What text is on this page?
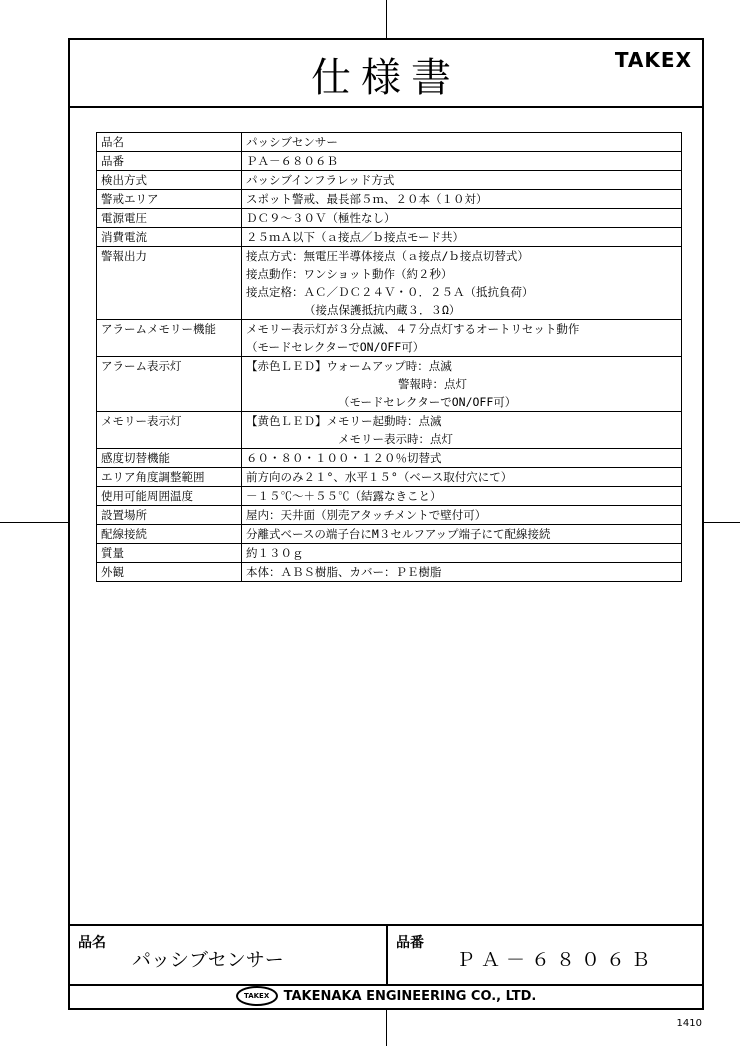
仕様書	TAKEX
品名	パッシブセンサー

品番	ＰＡ－６８０６Ｂ

検出方式	パッシブインフラレッド方式

警戒エリア	スポット警戒、最長部５ｍ、２０本（１０対）

電源電圧	ＤＣ９～３０Ｖ（極性なし）

消費電流	２５ｍＡ以下（ａ接点／ｂ接点モード共）

警報出力	接点方式：無電圧半導体接点（ａ接点/ｂ接点切替式）
接点動作：ワンショット動作（約２秒）
接点定格：ＡＣ／ＤＣ２４Ｖ・０．２５Ａ（抵抗負荷）
（接点保護抵抗内蔵３．３Ω）

アラームメモリー機能	メモリー表示灯が３分点滅、４７分点灯するオートリセット動作
（モードセレクターでON/OFF可）

アラーム表示灯	【赤色ＬＥＤ】ウォームアップ時：点滅
警報時：点灯
（モードセレクターでON/OFF可）

メモリー表示灯	【黄色ＬＥＤ】メモリー起動時：点滅
メモリー表示時：点灯

感度切替機能	６０・８０・１００・１２０％切替式

エリア角度調整範囲	前方向のみ２１°、水平１５°（ベース取付穴にて）

使用可能周囲温度	－１５℃～＋５５℃（結露なきこと）

設置場所	屋内：天井面（別売アタッチメントで壁付可）

配線接続	分離式ベースの端子台にM３セルフアップ端子にて配線接続

質量	約１３０ｇ

外観	本体：ＡＢＳ樹脂、カバー：ＰＥ樹脂
品名
パッシブセンサー
品番
ＰＡ－６８０６Ｂ
TAKEX	TAKENAKA ENGINEERING CO., LTD.
1410
